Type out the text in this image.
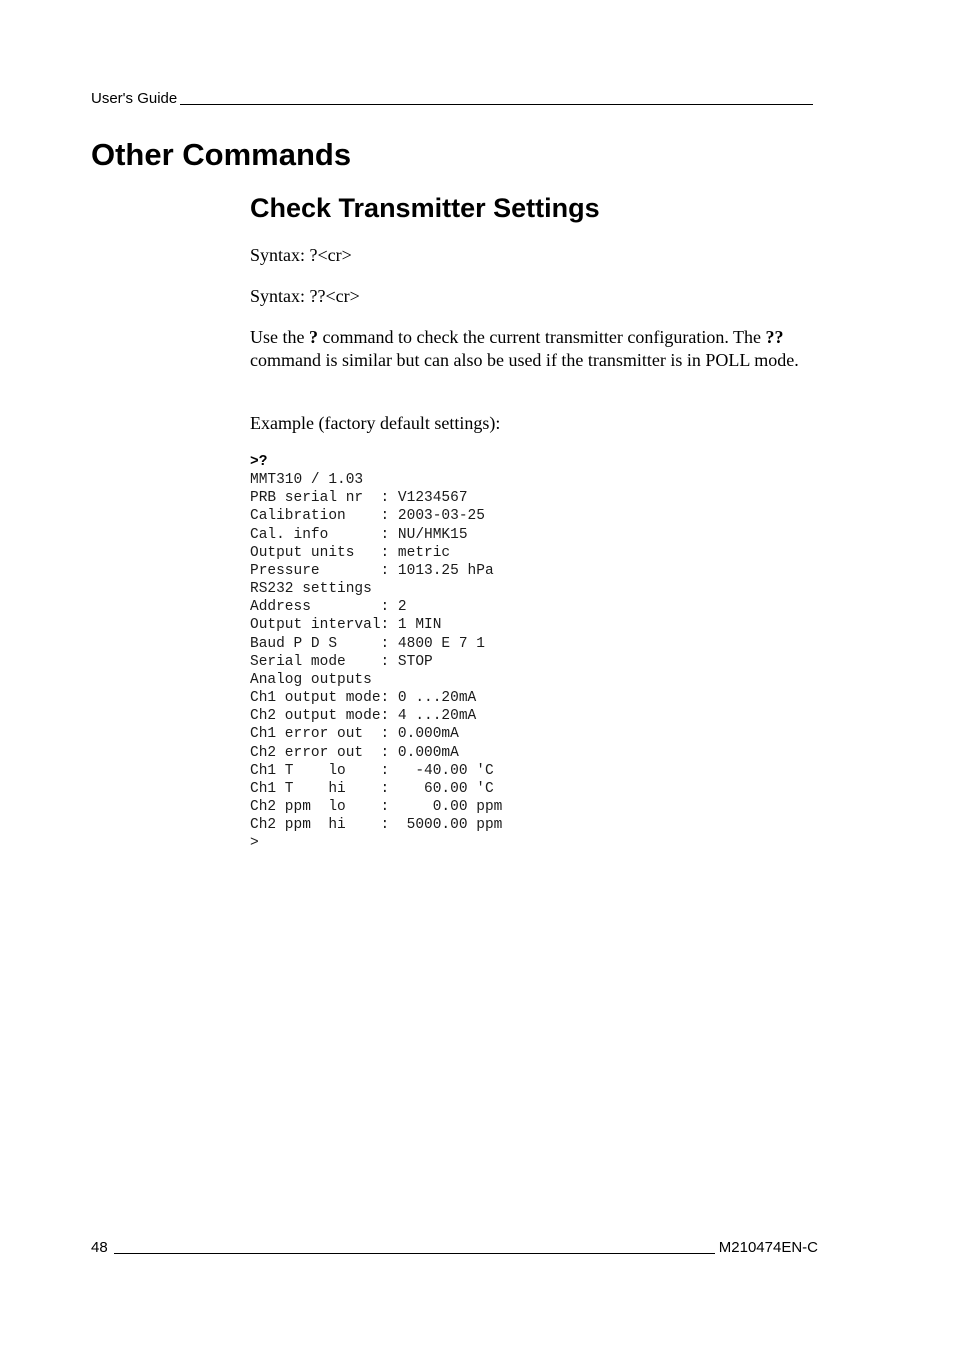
User's Guide
Other Commands
Check Transmitter Settings

Syntax: ?<cr>

Syntax: ??<cr>

Use the ? command to check the current transmitter configuration. The ?? command is similar but can also be used if the transmitter is in POLL mode.

Example (factory default settings):

>?
MMT310 / 1.03
PRB serial nr  : V1234567
Calibration    : 2003-03-25
Cal. info      : NU/HMK15
Output units   : metric
Pressure       : 1013.25 hPa
RS232 settings
Address        : 2
Output interval: 1 MIN
Baud P D S     : 4800 E 7 1
Serial mode    : STOP
Analog outputs
Ch1 output mode: 0 ...20mA
Ch2 output mode: 4 ...20mA
Ch1 error out  : 0.000mA
Ch2 error out  : 0.000mA
Ch1 T    lo    :   -40.00 'C
Ch1 T    hi    :    60.00 'C
Ch2 ppm  lo    :     0.00 ppm
Ch2 ppm  hi    :  5000.00 ppm
>
48	M210474EN-C
